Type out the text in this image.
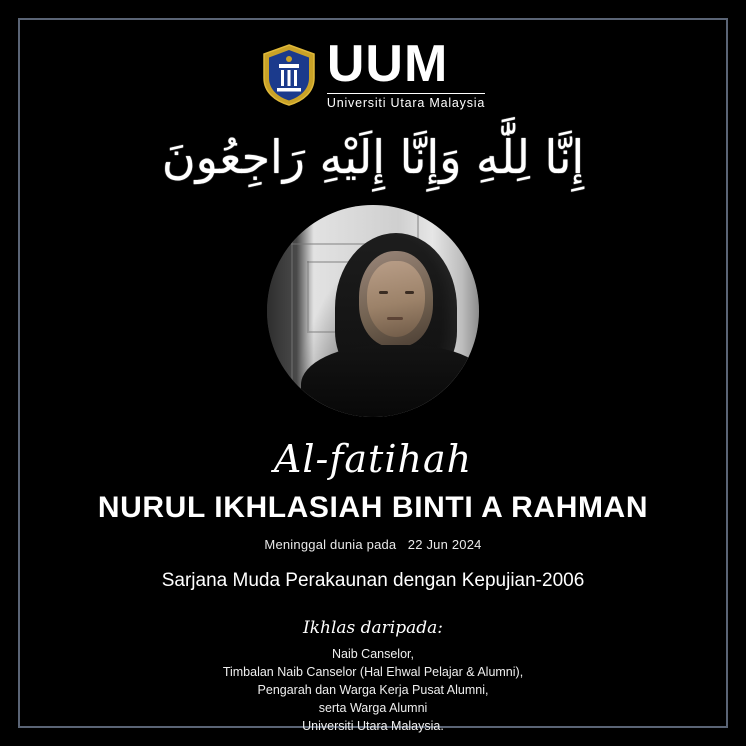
UUM
Universiti Utara Malaysia
إِنَّا لِلَّٰهِ وَإِنَّا إِلَيْهِ رَاجِعُونَ
Al-fatihah
NURUL IKHLASIAH BINTI A RAHMAN
Meninggal dunia pada 22 Jun 2024
Sarjana Muda Perakaunan dengan Kepujian-2006
Ikhlas daripada:
Naib Canselor,
Timbalan Naib Canselor (Hal Ehwal Pelajar & Alumni),
Pengarah dan Warga Kerja Pusat Alumni,
serta Warga Alumni
Universiti Utara Malaysia.
